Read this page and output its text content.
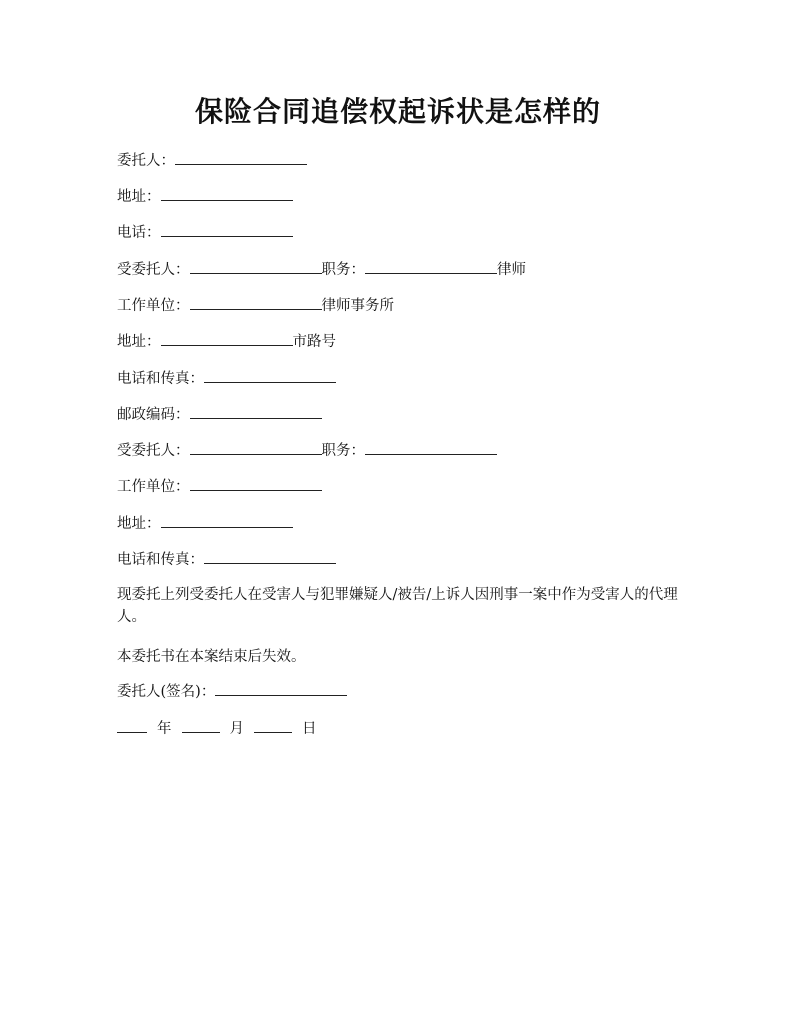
保险合同追偿权起诉状是怎样的
委托人：
地址：
电话：
受委托人：	职务：	律师
工作单位：	律师事务所
地址：	市路号
电话和传真：
邮政编码：
受委托人：	职务：
工作单位：
地址：
电话和传真：
现委托上列受委托人在受害人与犯罪嫌疑人/被告/上诉人因刑事一案中作为受害人的代理人。
本委托书在本案结束后失效。
委托人(签名)：
年	月	日
